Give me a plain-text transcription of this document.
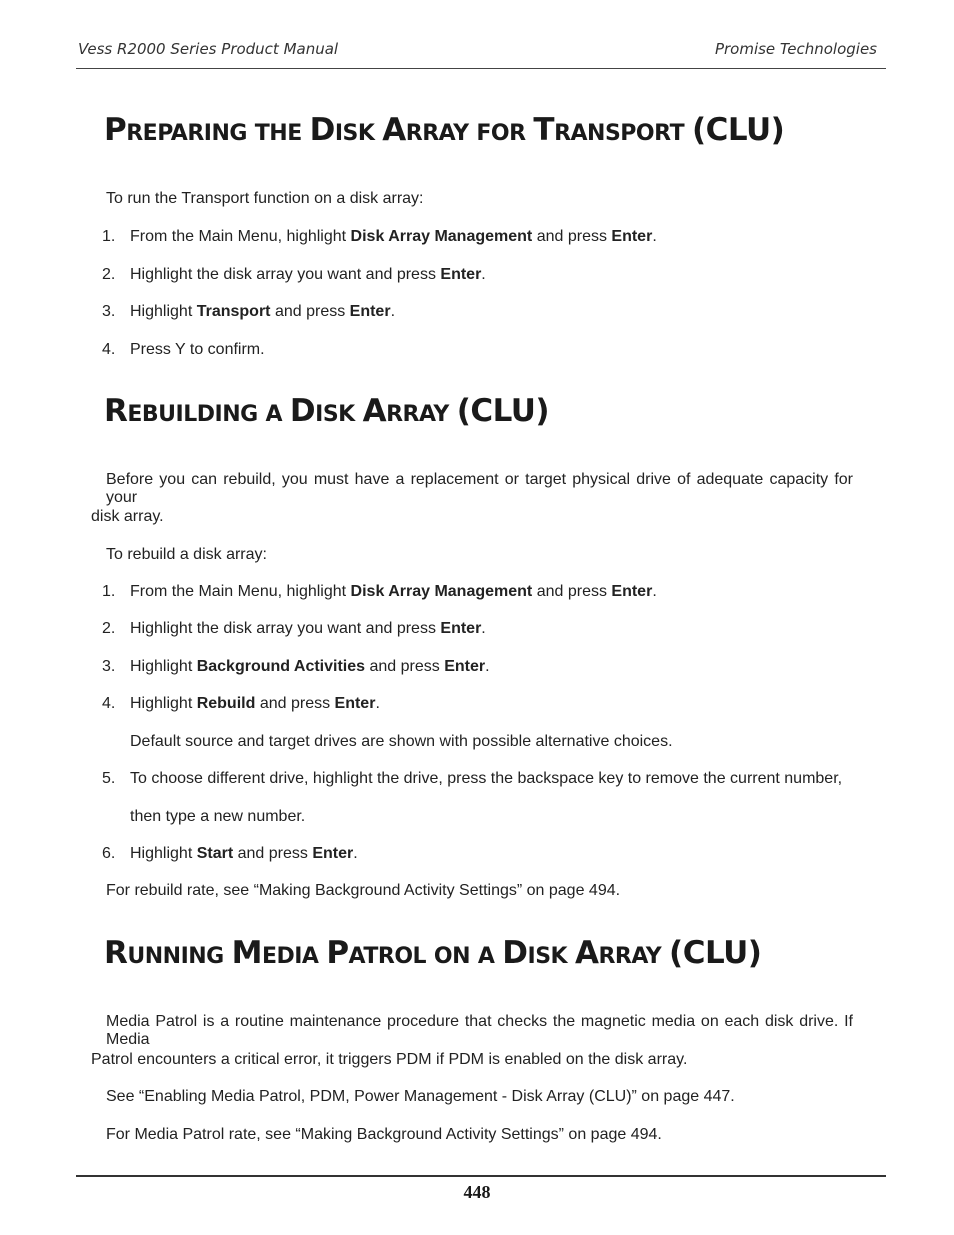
Vess R2000 Series Product Manual	Promise Technologies
PREPARING THE DISK ARRAY FOR TRANSPORT (CLU)
To run the Transport function on a disk array:
REBUILDING A DISK ARRAY (CLU)
Before you can rebuild, you must have a replacement or target physical drive of adequate capacity for your
disk array.
To rebuild a disk array:
Default source and target drives are shown with possible alternative choices.
5. To choose different drive, highlight the drive, press the backspace key to remove the current number,
then type a new number.
For rebuild rate, see “Making Background Activity Settings” on page 494.
RUNNING MEDIA PATROL ON A DISK ARRAY (CLU)
Media Patrol is a routine maintenance procedure that checks the magnetic media on each disk drive. If Media
Patrol encounters a critical error, it triggers PDM if PDM is enabled on the disk array.
See “Enabling Media Patrol, PDM, Power Management - Disk Array (CLU)” on page 447.
For Media Patrol rate, see “Making Background Activity Settings” on page 494.
448
1. From the Main Menu, highlight Disk Array Management and press Enter.
2. Highlight the disk array you want and press Enter.
3. Highlight Transport and press Enter.
4. Press Y to confirm.
1. From the Main Menu, highlight Disk Array Management and press Enter.
2. Highlight the disk array you want and press Enter.
3. Highlight Background Activities and press Enter.
4. Highlight Rebuild and press Enter.
6. Highlight Start and press Enter.
